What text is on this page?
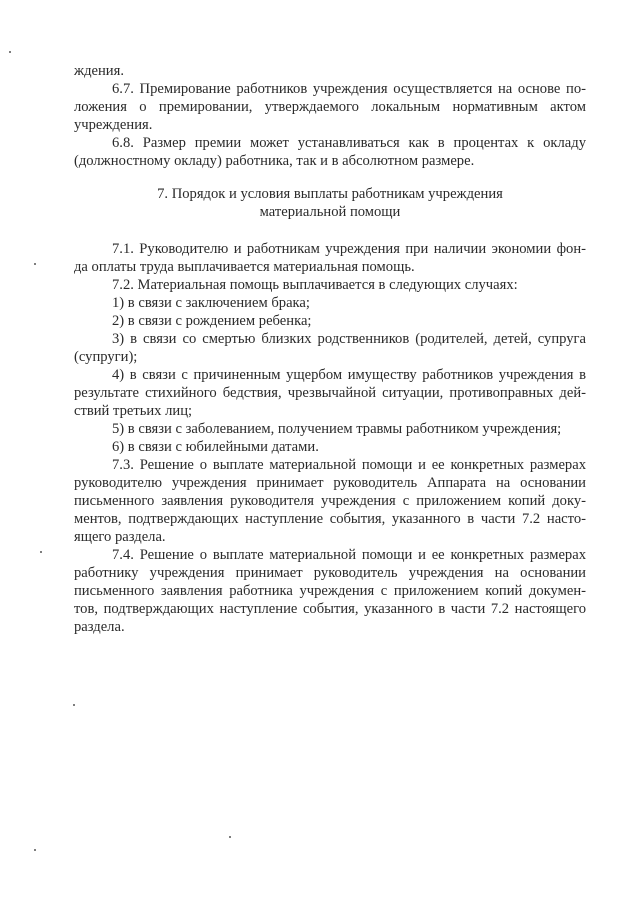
ждения.
6.7. Премирование работников учреждения осуществляется на основе по-
ложения о премировании, утверждаемого локальным нормативным актом
учреждения.
6.8. Размер премии может устанавливаться как в процентах к окладу
(должностному окладу) работника, так и в абсолютном размере.
7. Порядок и условия выплаты работникам учреждения
материальной помощи
7.1. Руководителю и работникам учреждения при наличии экономии фон-
да оплаты труда выплачивается материальная помощь.
7.2. Материальная помощь выплачивается в следующих случаях:
1) в связи с заключением брака;
2) в связи с рождением ребенка;
3) в связи со смертью близких родственников (родителей, детей, супруга
(супруги);
4) в связи с причиненным ущербом имуществу работников учреждения в
результате стихийного бедствия, чрезвычайной ситуации, противоправных дей-
ствий третьих лиц;
5) в связи с заболеванием, получением травмы работником учреждения;
6) в связи с юбилейными датами.
7.3. Решение о выплате материальной помощи и ее конкретных размерах
руководителю учреждения принимает руководитель Аппарата на основании
письменного заявления руководителя учреждения с приложением копий доку-
ментов, подтверждающих наступление события, указанного в части 7.2 насто-
ящего раздела.
7.4. Решение о выплате материальной помощи и ее конкретных размерах
работнику учреждения принимает руководитель учреждения на основании
письменного заявления работника учреждения с приложением копий докумен-
тов, подтверждающих наступление события, указанного в части 7.2 настоящего
раздела.
